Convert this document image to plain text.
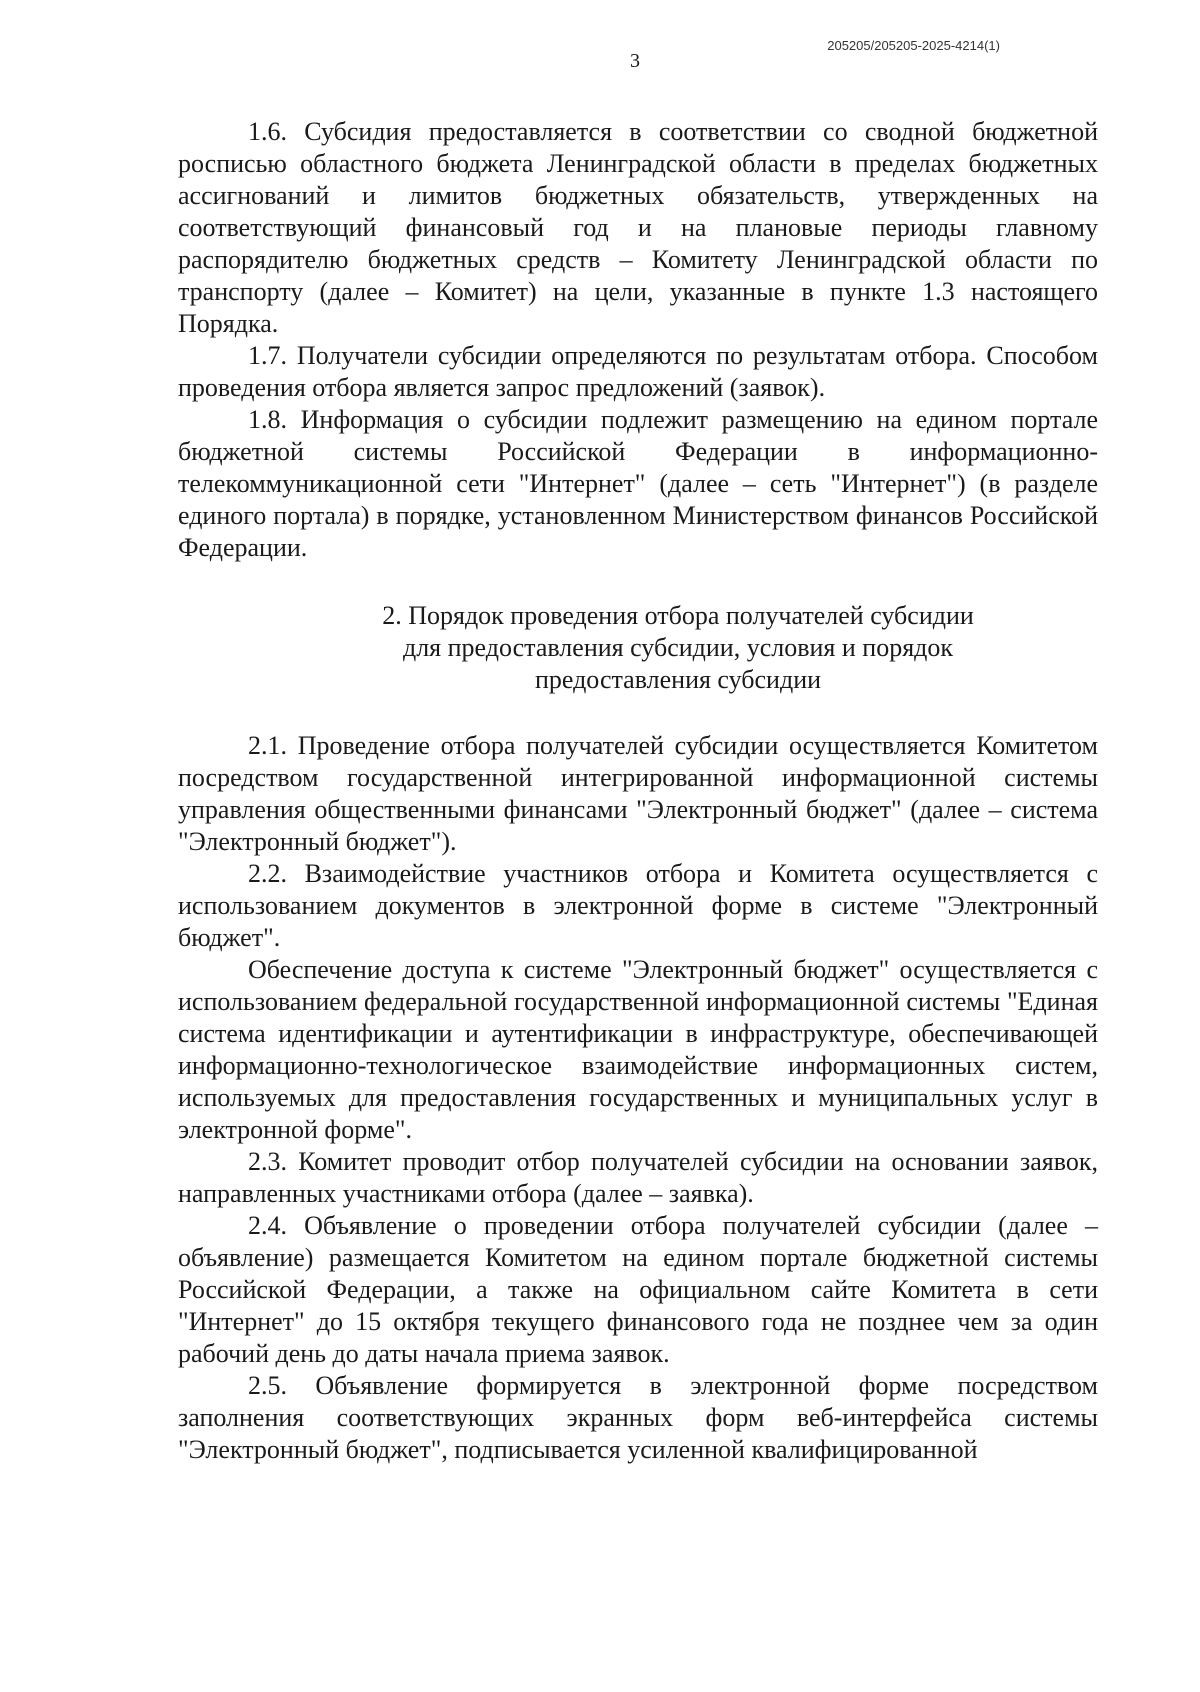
3
205205/205205-2025-4214(1)

1.6. Субсидия предоставляется в соответствии со сводной бюджетной росписью областного бюджета Ленинградской области в пределах бюджетных ассигнований и лимитов бюджетных обязательств, утвержденных на соответствующий финансовый год и на плановые периоды главному распорядителю бюджетных средств – Комитету Ленинградской области по транспорту (далее – Комитет) на цели, указанные в пункте 1.3 настоящего Порядка.

1.7. Получатели субсидии определяются по результатам отбора. Способом проведения отбора является запрос предложений (заявок).

1.8. Информация о субсидии подлежит размещению на едином портале бюджетной системы Российской Федерации в информационно-телекоммуникационной сети "Интернет" (далее – сеть "Интернет") (в разделе единого портала) в порядке, установленном Министерством финансов Российской Федерации.

2. Порядок проведения отбора получателей субсидии
для предоставления субсидии, условия и порядок
предоставления субсидии

2.1. Проведение отбора получателей субсидии осуществляется Комитетом посредством государственной интегрированной информационной системы управления общественными финансами "Электронный бюджет" (далее – система "Электронный бюджет").

2.2. Взаимодействие участников отбора и Комитета осуществляется с использованием документов в электронной форме в системе "Электронный бюджет".

Обеспечение доступа к системе "Электронный бюджет" осуществляется с использованием федеральной государственной информационной системы "Единая система идентификации и аутентификации в инфраструктуре, обеспечивающей информационно-технологическое взаимодействие информационных систем, используемых для предоставления государственных и муниципальных услуг в электронной форме".

2.3. Комитет проводит отбор получателей субсидии на основании заявок, направленных участниками отбора (далее – заявка).

2.4. Объявление о проведении отбора получателей субсидии (далее – объявление) размещается Комитетом на едином портале бюджетной системы Российской Федерации, а также на официальном сайте Комитета в сети "Интернет" до 15 октября текущего финансового года не позднее чем за один рабочий день до даты начала приема заявок.

2.5. Объявление формируется в электронной форме посредством заполнения соответствующих экранных форм веб-интерфейса системы "Электронный бюджет", подписывается усиленной квалифицированной
